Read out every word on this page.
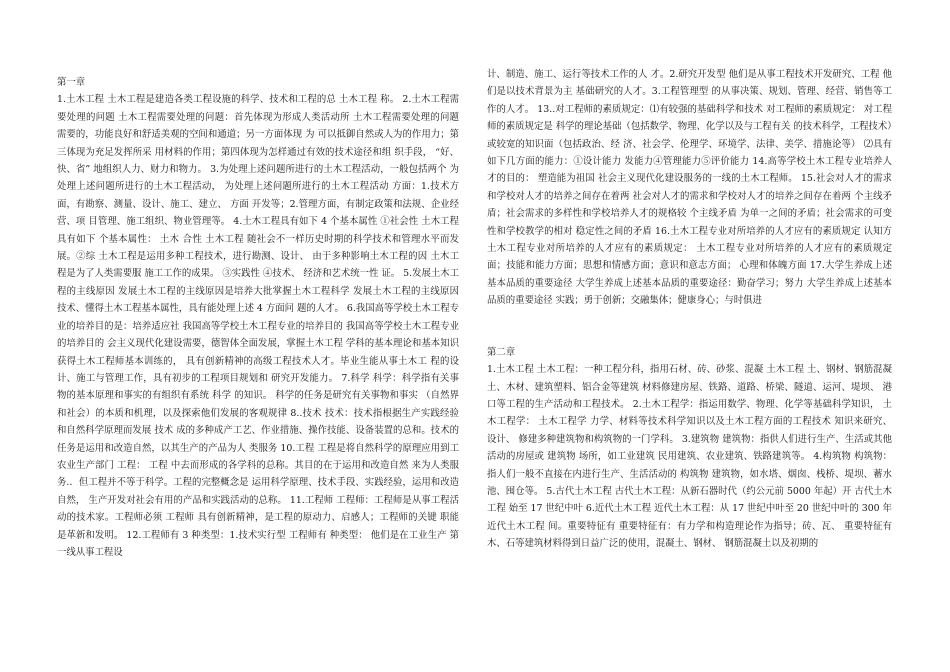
第一章

1.土木工程 土木工程是建造各类工程设施的科学、技术和工程的总 土木工程 称。 2.土木工程需要处理的问题 土木工程需要处理的问题：首先体现为形成人类活动所 土木工程需要处理的问题 需要的，功能良好和舒适美观的空间和通道；另一方面体现 为 可以抵御自然或人为的作用力；第三体现为充足发挥所采 用材料的作用；第四体现为怎样通过有效的技术途径和组 织手段， “好、快、省” 地组织人力、财力和物力。 3.为处理上述问题所进行的土木工程活动，一般包括两个 为处理上述问题所进行的土木工程活动， 为处理上述问题所进行的土木工程活动 方面：1.技术方面，有勘察、测量、设计、施工、建立、 方面 开发等；2.管理方面，有制定政策和法规、企业经营、项 目管理、施工组织、物业管理等。 4.土木工程具有如下 4 个基本属性 ①社会性 土木工程具有如下 个基本属性： 土木 合性 土木工程 随社会不一样历史时期的科学技术和管理水平而发展。②综 土木工程是运用多种工程技术，进行勘测、设计、 由于多种影响土木工程的因 土木工程是为了人类需要服 施工工作的成果。 ③实践性 ④技术、 经济和艺术统一性 证。 5.发展土木工程的主线原因 发展土木工程的主线原因是培养大批掌握土木工程科学 发展土木工程的主线原因 技术、懂得土木工程基本属性，具有能处理上述 4 方面问 题的人才。 6.我国高等学校土木工程专业的培养目的是：培养适应社 我国高等学校土木工程专业的培养目的 我国高等学校土木工程专业的培养目的 会主义现代化建设需要，德智体全面发展，掌握土木工程 学科的基本理论和基本知识获得土木工程师基本训练的， 具有创新精神的高级工程技术人才。毕业生能从事土木工 程的设计、施工与管理工作，具有初步的工程项目规划和 研究开发能力。 7.科学 科学：科学指有关事物的基本原理和事实的有组织有系统 科学 的知识。 科学的任务是研究有关事物和事实 （自然界和社会）的本质和机理，以及探索他们发展的客观规律 8..技术 技术：技术指根据生产实践经验和自然科学原理而发展 技术 成的多种成产工艺、作业措施、操作技能、设备装置的总和。技术的任务是运用和改造自然，以其生产的产品为人 类服务 10.工程 工程是将自然科学的原理应用到工农业生产部门 工程： 工程 中去而形成的各学科的总称。其目的在于运用和改造自然 来为人类服务.．但工程并不等于科学。工程的完整概念是 运用科学原理、技术手段、实践经验，运用和改造自然， 生产开发对社会有用的产品和实践活动的总称。 11.工程师 工程师：工程师是从事工程活动的技术家。工程师必须 工程师 具有创新精神，是工程的原动力、启感人；工程师的关键 职能是革新和发明。 12.工程师有 3 种类型：1.技术实行型 工程师有 种类型： 他们是在工业生产 第一线从事工程设

计、制造、施工、运行等技术工作的人 才。2.研究开发型 他们是从事工程技术开发研究、工程 他们是以技术背景为主 基础研究的人才。3.工程管理型 的从事决策、规划、管理、经营、销售等工作的人才。 13..对工程师的素质规定：⑴有较强的基础科学和技术 对工程师的素质规定： 对工程师的素质规定是 科学的理论基础（包括数学、物理、化学以及与工程有关 的技术科学，工程技术）或较宽的知识面（包括政治、经 济、社会学、伦理学、环境学、法律、美学、措施论等） ⑵具有如下几方面的能力：①设计能力 发能力④管理能力⑤评价能力 14.高等学校土木工程专业培养人才的目的： 塑造能为祖国 社会主义现代化建设服务的一线的土木工程师。 15.社会对人才的需求和学校对人才的培养之间存在着两 社会对人才的需求和学校对人才的培养之间存在着两 个主线矛盾；社会需求的多样性和学校培养人才的规格较 个主线矛盾 为单一之间的矛盾；社会需求的可变性和学校教学的相对 稳定性之间的矛盾 16.土木工程专业对所培养的人才应有的素质规定 认知方 土木工程专业对所培养的人才应有的素质规定： 土木工程专业对所培养的人才应有的素质规定 面；技能和能力方面；思想和情感方面；意识和意志方面； 心理和体魄方面 17.大学生养成上述基本品质的重要途径 大学生养成上述基本品质的重要途径：勤奋学习；努力 大学生养成上述基本品质的重要途径 实践；勇于创新；交融集体；健康身心；与时俱进

第二章

1.土木工程 土木工程：一种工程分科，指用石材、砖、砂浆、混凝 土木工程 土、钢材、钢筋混凝土、木材、建筑塑料、铝合金等建筑 材料修建房屋、铁路、道路、桥梁、隧道、运河、堤坝、 港口等工程的生产活动和工程技术。 2.土木工程学：指运用数学、物理、化学等基础科学知识， 土木工程学： 土木工程学 力学、材料等技术科学知识以及土木工程方面的工程技术 知识来研究、 设计、 修建多种建筑物和构筑物的一门学科。 3.建筑物 建筑物：指供人们进行生产、生活或其他活动的房屋或 建筑物 场所，如工业建筑 民用建筑、农业建筑、铁路建筑等。 4.构筑物 构筑物：指人们一般不直接在内进行生产、生活活动的 构筑物 建筑物，如水塔、烟囱、栈桥、堤坝、蓄水池、囤仓等。 5.古代土木工程 古代土木工程：从新石器时代（约公元前 5000 年起）开 古代土木工程 始至 17 世纪中叶 6.近代土木工程 近代土木工程：从 17 世纪中叶至 20 世纪中叶的 300 年 近代土木工程 间。重要特征有 重要特征有：有力学和构造理论作为指导；砖、瓦、 重要特征有 木、石等建筑材料得到日益广泛的使用，混凝土、钢材、 钢筋混凝土以及初期的
